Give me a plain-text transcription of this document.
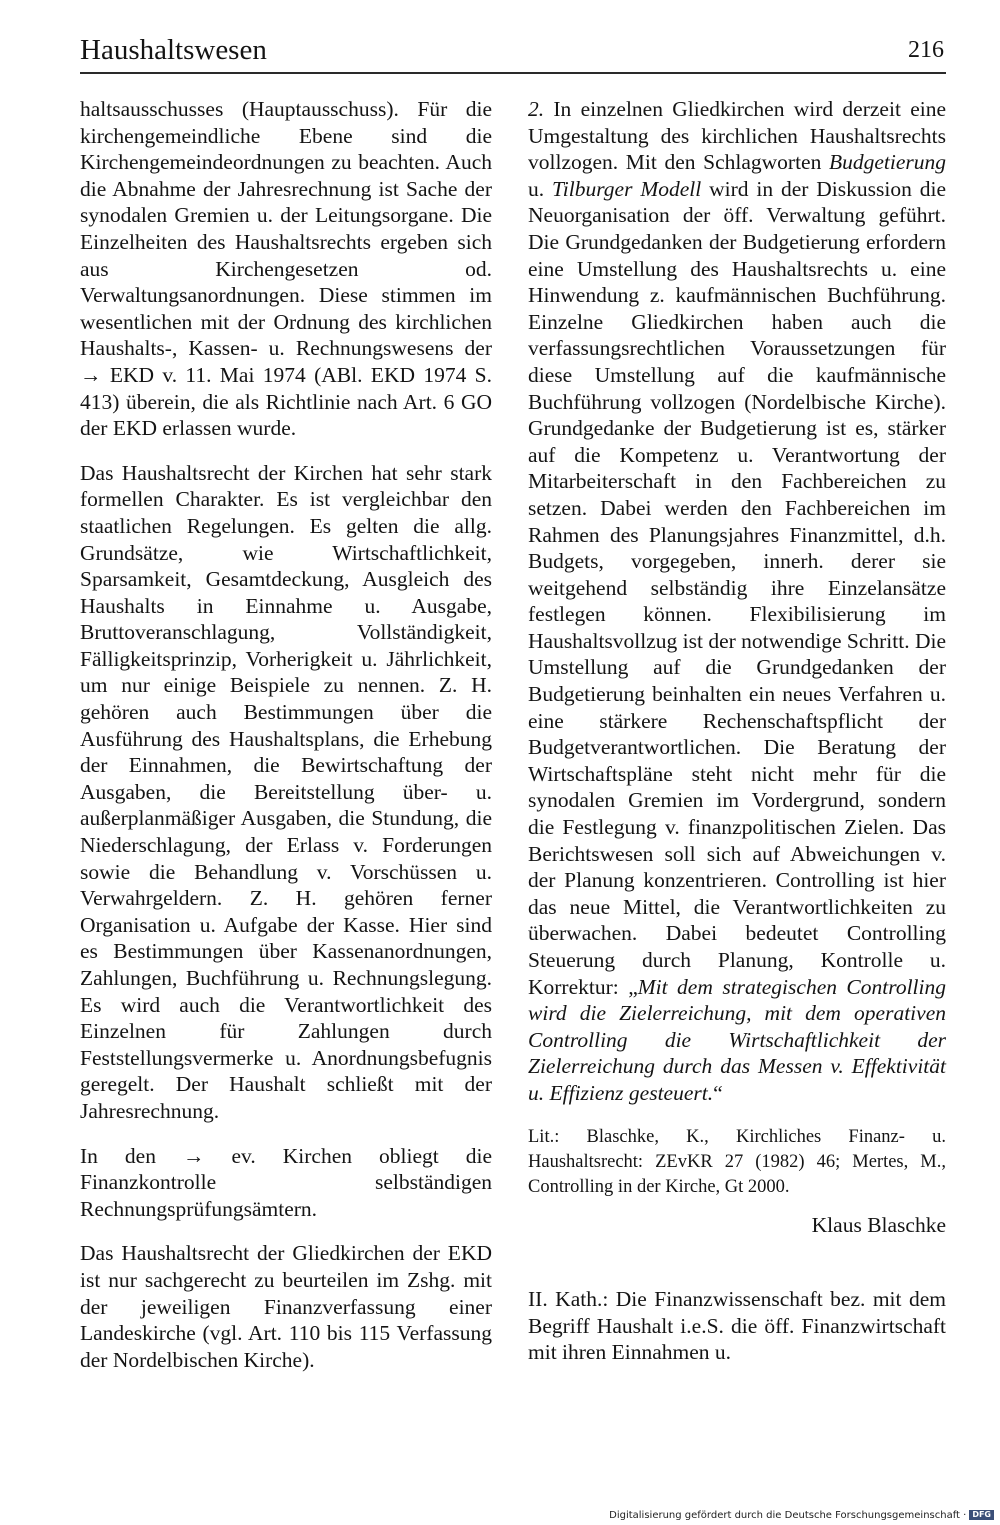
Haushaltswesen	216

haltsausschusses (Hauptausschuss). Für die kirchengemeindliche Ebene sind die Kirchengemeindeordnungen zu beachten. Auch die Abnahme der Jahresrechnung ist Sache der synodalen Gremien u. der Leitungsorgane. Die Einzelheiten des Haushaltsrechts ergeben sich aus Kirchengesetzen od. Verwaltungsanordnungen. Diese stimmen im wesentlichen mit der Ordnung des kirchlichen Haushalts-, Kassen- u. Rechnungswesens der → EKD v. 11. Mai 1974 (ABl. EKD 1974 S. 413) überein, die als Richtlinie nach Art. 6 GO der EKD erlassen wurde.

Das Haushaltsrecht der Kirchen hat sehr stark formellen Charakter. Es ist vergleichbar den staatlichen Regelungen. Es gelten die allg. Grundsätze, wie Wirtschaftlichkeit, Sparsamkeit, Gesamtdeckung, Ausgleich des Haushalts in Einnahme u. Ausgabe, Bruttoveranschlagung, Vollständigkeit, Fälligkeitsprinzip, Vorherigkeit u. Jährlichkeit, um nur einige Beispiele zu nennen. Z. H. gehören auch Bestimmungen über die Ausführung des Haushaltsplans, die Erhebung der Einnahmen, die Bewirtschaftung der Ausgaben, die Bereitstellung über- u. außerplanmäßiger Ausgaben, die Stundung, die Niederschlagung, der Erlass v. Forderungen sowie die Behandlung v. Vorschüssen u. Verwahrgeldern. Z. H. gehören ferner Organisation u. Aufgabe der Kasse. Hier sind es Bestimmungen über Kassenanordnungen, Zahlungen, Buchführung u. Rechnungslegung. Es wird auch die Verantwortlichkeit des Einzelnen für Zahlungen durch Feststellungsvermerke u. Anordnungsbefugnis geregelt. Der Haushalt schließt mit der Jahresrechnung.

In den → ev. Kirchen obliegt die Finanzkontrolle selbständigen Rechnungsprüfungsämtern.

Das Haushaltsrecht der Gliedkirchen der EKD ist nur sachgerecht zu beurteilen im Zshg. mit der jeweiligen Finanzverfassung einer Landeskirche (vgl. Art. 110 bis 115 Verfassung der Nordelbischen Kirche).

2. In einzelnen Gliedkirchen wird derzeit eine Umgestaltung des kirchlichen Haushaltsrechts vollzogen. Mit den Schlagworten Budgetierung u. Tilburger Modell wird in der Diskussion die Neuorganisation der öff. Verwaltung geführt. Die Grundgedanken der Budgetierung erfordern eine Umstellung des Haushaltsrechts u. eine Hinwendung z. kaufmännischen Buchführung. Einzelne Gliedkirchen haben auch die verfassungsrechtlichen Voraussetzungen für diese Umstellung auf die kaufmännische Buchführung vollzogen (Nordelbische Kirche). Grundgedanke der Budgetierung ist es, stärker auf die Kompetenz u. Verantwortung der Mitarbeiterschaft in den Fachbereichen zu setzen. Dabei werden den Fachbereichen im Rahmen des Planungsjahres Finanzmittel, d.h. Budgets, vorgegeben, innerh. derer sie weitgehend selbständig ihre Einzelansätze festlegen können. Flexibilisierung im Haushaltsvollzug ist der notwendige Schritt. Die Umstellung auf die Grundgedanken der Budgetierung beinhalten ein neues Verfahren u. eine stärkere Rechenschaftspflicht der Budgetverantwortlichen. Die Beratung der Wirtschaftspläne steht nicht mehr für die synodalen Gremien im Vordergrund, sondern die Festlegung v. finanzpolitischen Zielen. Das Berichtswesen soll sich auf Abweichungen v. der Planung konzentrieren. Controlling ist hier das neue Mittel, die Verantwortlichkeiten zu überwachen. Dabei bedeutet Controlling Steuerung durch Planung, Kontrolle u. Korrektur: „Mit dem strategischen Controlling wird die Zielerreichung, mit dem operativen Controlling die Wirtschaftlichkeit der Zielerreichung durch das Messen v. Effektivität u. Effizienz gesteuert.“

Lit.: Blaschke, K., Kirchliches Finanz- u. Haushaltsrecht: ZEvKR 27 (1982) 46; Mertes, M., Controlling in der Kirche, Gt 2000.

Klaus Blaschke

II. Kath.: Die Finanzwissenschaft bez. mit dem Begriff Haushalt i.e.S. die öff. Finanzwirtschaft mit ihren Einnahmen u.

Digitalisierung gefördert durch die Deutsche Forschungsgemeinschaft · DFG
